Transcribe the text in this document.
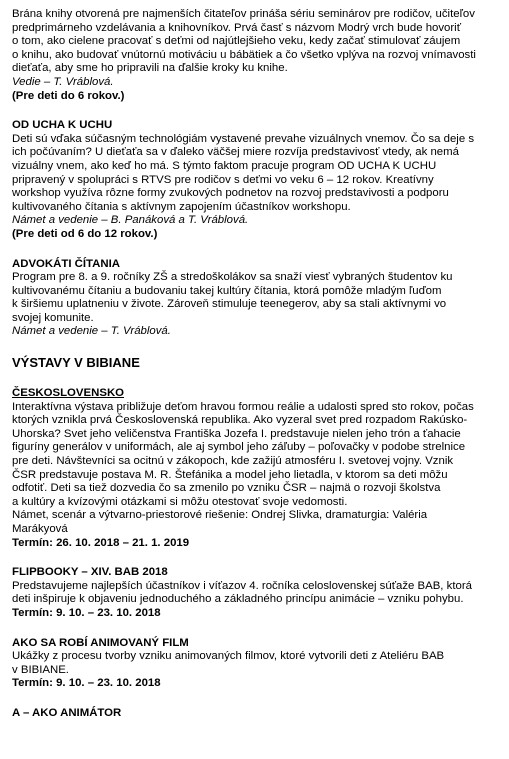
Brána knihy otvorená pre najmenších čitateľov prináša sériu seminárov pre rodičov, učiteľov
predprimárneho vzdelávania a knihovníkov. Prvá časť s názvom Modrý vrch bude hovoriť
o tom, ako cielene pracovať s deťmi od najútlejšieho veku, kedy začať stimulovať záujem
o knihu, ako budovať vnútornú motiváciu u bábätiek a čo všetko vplýva na rozvoj vnímavosti
dieťaťa, aby sme ho pripravili na ďalšie kroky ku knihe.

Vedie – T. Vráblová.

(Pre deti do 6 rokov.)

OD UCHA K UCHU

Deti sú vďaka súčasným technológiám vystavené prevahe vizuálnych vnemov. Čo sa deje s
ich počúvaním? U dieťaťa sa v ďaleko väčšej miere rozvíja predstavivosť vtedy, ak nemá
vizuálny vnem, ako keď ho má. S týmto faktom pracuje program OD UCHA K UCHU
pripravený v spolupráci s RTVS pre rodičov s deťmi vo veku 6 – 12 rokov. Kreatívny
workshop využíva rôzne formy zvukových podnetov na rozvoj predstavivosti a podporu
kultivovaného čítania s aktívnym zapojením účastníkov workshopu.

Námet a vedenie – B. Panáková a T. Vráblová.

(Pre deti od 6 do 12 rokov.)

ADVOKÁTI ČÍTANIA

Program pre 8. a 9. ročníky ZŠ a stredoškolákov sa snaží viesť vybraných študentov ku
kultivovanému čítaniu a budovaniu takej kultúry čítania, ktorá pomôže mladým ľuďom
k širšiemu uplatneniu v živote. Zároveň stimuluje teenegerov, aby sa stali aktívnymi vo
svojej komunite.

Námet a vedenie – T. Vráblová.

VÝSTAVY V BIBIANE

ČESKOSLOVENSKO

Interaktívna výstava približuje deťom hravou formou reálie a udalosti spred sto rokov, počas
ktorých vznikla prvá Československá republika. Ako vyzeral svet pred rozpadom Rakúsko-
Uhorska? Svet jeho veličenstva Františka Jozefa I. predstavuje nielen jeho trón a ťahacie
figuríny generálov v uniformách, ale aj symbol jeho záľuby – poľovačky v podobe strelnice
pre deti. Návštevníci sa ocitnú v zákopoch, kde zažijú atmosféru I. svetovej vojny. Vznik
ČSR predstavuje postava M. R. Štefánika a model jeho lietadla, v ktorom sa deti môžu
odfotiť. Deti sa tiež dozvedia čo sa zmenilo po vzniku ČSR – najmä o rozvoji školstva
a kultúry a kvízovými otázkami si môžu otestovať svoje vedomosti.
Námet, scenár a výtvarno-priestorové riešenie: Ondrej Slivka, dramaturgia: Valéria
Marákyová

Termín: 26. 10. 2018 – 21. 1. 2019

FLIPBOOKY – XIV. BAB 2018

Predstavujeme najlepších účastníkov i víťazov 4. ročníka celoslovenskej súťaže BAB, ktorá
deti inšpiruje k objaveniu jednoduchého a základného princípu animácie – vzniku pohybu.

Termín: 9. 10. – 23. 10. 2018

AKO SA ROBÍ ANIMOVANÝ FILM

Ukážky z procesu tvorby vzniku animovaných filmov, ktoré vytvorili deti z Ateliéru BAB
v BIBIANE.

Termín: 9. 10. – 23. 10. 2018

A – AKO ANIMÁTOR
